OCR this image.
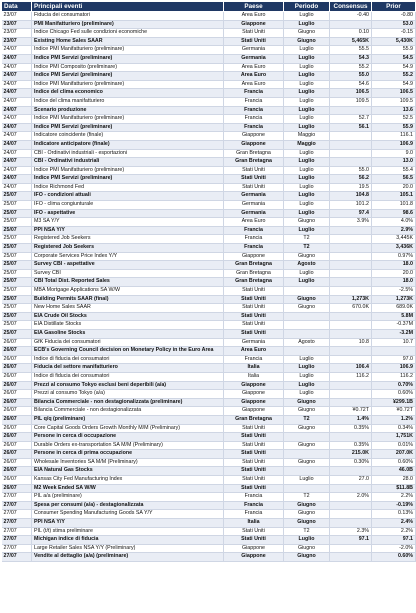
Data	Principali eventi	Paese	Periodo	Consensus	Prior
23/07	Fiducia dei consumatori	Area Euro	Luglio	-0.40	-0.80
23/07	PMI Manifatturiero (preliminare)	Giappone	Luglio		53.0
23/07	Indice Chicago Fed sulle condizioni economiche	Stati Uniti	Giugno	0.10	-0.15
23/07	Existing Home Sales SAAR	Stati Uniti	Giugno	5,465K	5,430K
24/07	Indice PMI Manifatturiero (preliminare)	Germania	Luglio	55.5	55.9
24/07	Indice PMI Servizi (preliminare)	Germania	Luglio	54.3	54.5
24/07	Indice PMI Composito (preliminare)	Area Euro	Luglio	55.2	54.9
24/07	Indice PMI Servizi (preliminare)	Area Euro	Luglio	55.0	55.2
24/07	Indice PMI Manifatturiero (preliminare)	Area Euro	Luglio	54.6	54.9
24/07	Indice del clima economico	Francia	Luglio	106.5	106.5
24/07	Indice del clima manifatturiero	Francia	Luglio	109.5	109.5
24/07	Scenario produzione	Francia	Luglio		13.6
24/07	Indice PMI Manifatturiero (preliminare)	Francia	Luglio	52.7	52.5
24/07	Indice PMI Servizi (preliminare)	Francia	Luglio	56.1	55.9
24/07	Indicatore coincidente (finale)	Giappone	Maggio		116.1
24/07	Indicatore anticipatore (finale)	Giappone	Maggio		106.9
24/07	CBI - Ordinativi industriali - esportazioni	Gran Bretagna	Luglio		9.0
24/07	CBI - Ordinativi industriali	Gran Bretagna	Luglio		13.0
24/07	Indice PMI Manifatturiero (preliminare)	Stati Uniti	Luglio	55.0	55.4
24/07	Indice PMI Servizi (preliminare)	Stati Uniti	Luglio	56.2	56.5
24/07	Indice Richmond Fed	Stati Uniti	Luglio	19.5	20.0
25/07	IFO - condizioni attuali	Germania	Luglio	104.8	105.1
25/07	IFO - clima congiunturale	Germania	Luglio	101.2	101.8
25/07	IFO - aspettative	Germania	Luglio	97.4	98.6
25/07	M3 SA Y/Y	Area Euro	Giugno	3.9%	4.0%
25/07	PPI NSA Y/Y	Francia	Luglio		2.9%
25/07	Registered Job Seekers	Francia	T2		3,445K
25/07	Registered Job Seekers	Francia	T2		3,436K
25/07	Corporate Services Price Index Y/Y	Giappone	Giugno		0.97%
25/07	Survey CBI - aspettative	Gran Bretagna	Agosto		18.0
25/07	Survey CBI	Gran Bretagna	Luglio		20.0
25/07	CBI Total Dist. Reported Sales	Gran Bretagna	Luglio		18.0
25/07	MBA Mortgage Applications SA W/W	Stati Uniti			-2.5%
25/07	Building Permits SAAR (final)	Stati Uniti	Giugno	1,273K	1,273K
25/07	New Home Sales SAAR	Stati Uniti	Giugno	670.0K	689.0K
25/07	EIA Crude Oil Stocks	Stati Uniti			5.8M
25/07	EIA Distillate Stocks	Stati Uniti			-0.37M
25/07	EIA Gasoline Stocks	Stati Uniti			-3.2M
26/07	GfK Fiducia dei consumatori	Germania	Agosto	10.8	10.7
26/07	ECB's Governing Council decision on Monetary Policy in the Euro Area	Area Euro			
26/07	Indice di fiducia dei consumatori	Francia	Luglio		97.0
26/07	Fiducia del settore manifatturiero	Italia	Luglio	106.4	106.9
26/07	Indice di fiducia dei consumatori	Italia	Luglio	116.2	116.2
26/07	Prezzi al consumo Tokyo esclusi beni deperibili (a/a)	Giappone	Luglio		0.70%
26/07	Prezzi al consumo Tokyo (a/a)	Giappone	Luglio		0.60%
26/07	Bilancia Commerciale - non destagionalizzata (preliminare)	Giappone	Giugno		¥299.1B
26/07	Bilancia Commerciale - non destagionalizzata	Giappone	Giugno	¥0.72T	¥0.72T
26/07	PIL q/q (preliminare)	Gran Bretagna	T2	1.4%	1.2%
26/07	Core Capital Goods Orders Growth Monthly M/M (Preliminary)	Stati Uniti	Giugno	0.35%	0.34%
26/07	Persone in cerca di occupazione	Stati Uniti			1,751K
26/07	Durable Orders ex-transportation SA M/M (Preliminary)	Stati Uniti	Giugno	0.35%	0.01%
26/07	Persone in cerca di prima occupazione	Stati Uniti		215.0K	207.0K
26/07	Wholesale Inventories SA M/M (Preliminary)	Stati Uniti	Giugno	0.30%	0.60%
26/07	EIA Natural Gas Stocks	Stati Uniti			46.0B
26/07	Kansas City Fed Manufacturing Index	Stati Uniti	Luglio	27.0	28.0
26/07	M2 Week Ended SA W/W	Stati Uniti			$11.8B
27/07	PIL a/a (preliminare)	Francia	T2	2.0%	2.2%
27/07	Spesa per consumi (a/a) - destagionalizzata	Francia	Giugno		-0.19%
27/07	Consumer Spending Manufacturing Goods SA Y/Y	Francia	Giugno		0.13%
27/07	PPI NSA Y/Y	Italia	Giugno		2.4%
27/07	PIL (t/t) stima preliminare	Stati Uniti	T2	2.3%	2.2%
27/07	Michigan indice di fiducia	Stati Uniti	Luglio	97.1	97.1
27/07	Large Retailer Sales NSA Y/Y (Preliminary)	Giappone	Giugno		-2.0%
27/07	Vendite al dettaglio (a/a) (preliminare)	Giappone	Giugno		0.60%
